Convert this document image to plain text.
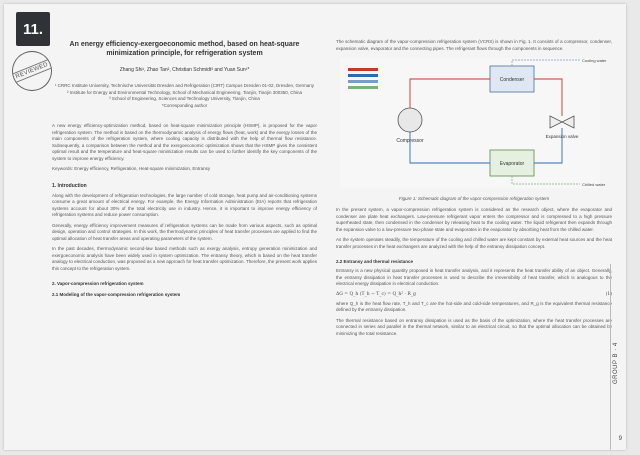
11.
REVIEWED
An energy efficiency-exergoeconomic method, based on heat-square minimization principle, for refrigeration system
Zhang Shi¹, Zhao Tan², Christian Schmidt³ and Yuan Sun¹*
¹ CRRC Institute University, Technische Universität Dresden and Refrigeration (CIRT) Campus Dresden 01-02, Dresden, Germany
² Institute for Energy and Environmental Technology, School of Mechanical Engineering, Tianjin, Tianjin 300350, China
³ School of Engineering, Sciences and Technology University, Tianjin, China
*Corresponding author
A new energy efficiency-optimization method, based on heat-square minimization principle (HSMP), is proposed for the vapor refrigeration system. The method is based on the thermodynamic analysis of energy flows (heat, work) and the exergy losses of the main components of the refrigeration system, where cooling capacity is distributed with the help of thermal flow resistance. Subsequently, a comparison between the method and the exergoeconomic optimization shows that the HSMP gives the consistent optimal result and the temperature and heat-square minimization results can be used to further identify the key components of the system to improve energy efficiency.
Keywords: Energy efficiency, Refrigeration, Heat-square minimization, Entransy
1. Introduction
Along with the development of refrigeration technologies, the large number of cold storage, heat pump and air-conditioning systems consume a great amount of electrical energy. For example, the Energy Information Administration (EIA) reports that refrigeration systems account for about 30% of the total electricity use in industry. Hence, it is important to improve energy efficiency of refrigeration systems and reduce power consumption.
Generally, energy efficiency improvement measures of refrigeration systems can be made from various aspects, such as optimal design, operation and control strategies. In this work, the thermodynamic principles of heat transfer processes are applied to find the optimal allocation of heat transfer areas and operating parameters of the system.
In the past decades, thermodynamic second-law based methods such as exergy analysis, entropy generation minimization and exergoeconomic analysis have been widely used in system optimization. The entransy theory, which is based on the heat transfer analogy to electrical conduction, was proposed as a new approach for heat transfer optimization. Therefore, the present work applies this concept to the refrigeration system.
2. Vapor-compression refrigeration system
2.1 Modeling of the vapor-compression refrigeration system
The schematic diagram of the vapor-compression refrigeration system (VCRS) is shown in Fig. 1. It consists of a compressor, condenser, expansion valve, evaporator and the connecting pipes. The refrigerant flows through the components in sequence.
Condenser
Compressor
Evaporator
Expansion valve
Cooling water
Chilled water
Figure 1: Schematic diagram of the vapor-compression refrigeration system
In the present system, a vapor-compression refrigeration system is considered as the research object, where the evaporator and condenser are plate heat exchangers. Low-pressure refrigerant vapor enters the compressor and is compressed to a high pressure superheated state, then condensed in the condenser by releasing heat to the cooling water. The liquid refrigerant then expands through the expansion valve to a low-pressure two-phase state and evaporates in the evaporator by absorbing heat from the chilled water.
As the system operates steadily, the temperature of the cooling and chilled water are kept constant by external heat sources and the heat transfer processes in the heat exchangers are analyzed with the help of the entransy dissipation concept.
2.2 Entransy and thermal resistance
Entransy is a new physical quantity proposed in heat transfer analysis, and it represents the heat transfer ability of an object. Generally, the entransy dissipation in heat transfer processes is used to describe the irreversibility of heat transfer, which is analogous to the electrical energy dissipation in electrical conduction.
ΔG = Q_h (T_h − T_c) = Q_h² · R_g	(1)
where Q_h is the heat flow rate, T_h and T_c are the hot-side and cold-side temperatures, and R_g is the equivalent thermal resistance defined by the entransy dissipation.
The thermal resistance based on entransy dissipation is used as the basis of the optimization, where the heat transfer processes are connected in series and parallel in the thermal network, similar to an electrical circuit, so that the optimal allocation can be obtained by minimizing the total resistance.
GROUP B · 4
9
